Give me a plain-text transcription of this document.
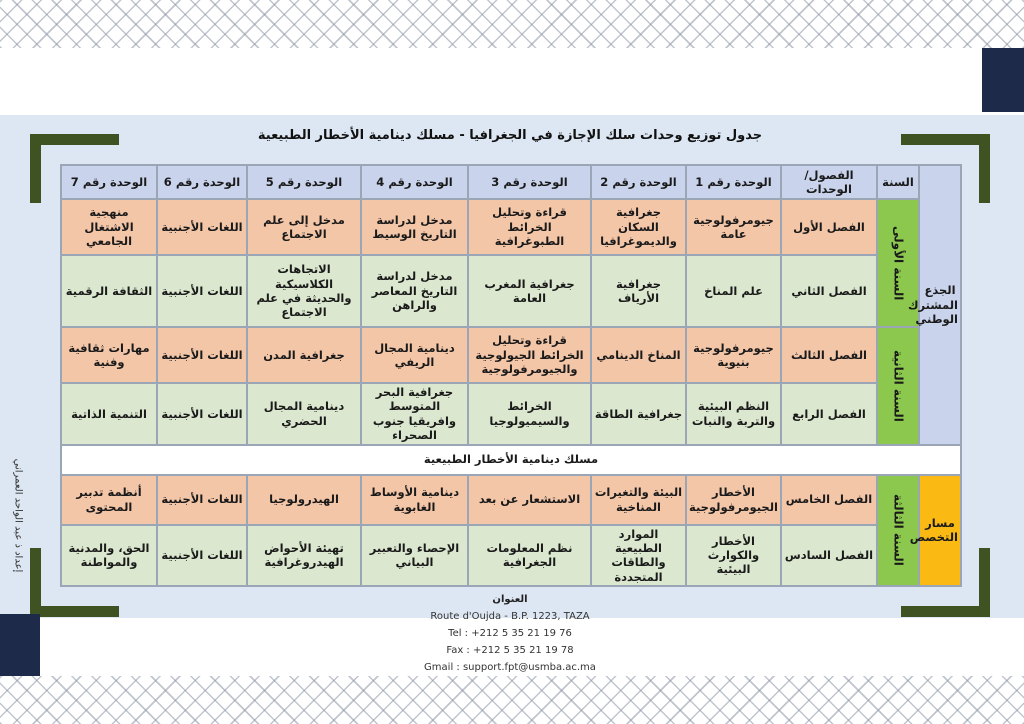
جدول توزيع وحدات سلك الإجازة في الجغرافيا - مسلك دينامية الأخطار الطبيعية
إعداد ذ عبد الواحد العمراني
الجذع المشترك الوطني	السنة	الفصول/الوحدات	الوحدة رقم 1	الوحدة رقم 2	الوحدة رقم 3	الوحدة رقم 4	الوحدة رقم 5	الوحدة رقم 6	الوحدة رقم 7

	السنة الأولى	الفصل الأول	جيومرفولوجية عامة	جغرافية السكان والديموغرافيا	قراءة وتحليل الخرائط الطبوغرافية	مدخل لدراسة التاريخ الوسيط	مدخل إلى علم الاجتماع	اللغات الأجنبية	منهجية الاشتغال الجامعي
		الفصل الثاني	علم المناخ	جغرافية الأرياف	جغرافية المغرب العامة	مدخل لدراسة التاريخ المعاصر والراهن	الاتجاهات الكلاسيكية والحديثة في علم الاجتماع	اللغات الأجنبية	الثقافة الرقمية

	السنة الثانية	الفصل الثالث	جيومرفولوجية بنيوية	المناخ الدينامي	قراءة وتحليل الخرائط الجيولوجية والجيومرفولوجية	دينامية المجال الريفي	جغرافية المدن	اللغات الأجنبية	مهارات ثقافية وفنية
		الفصل الرابع	النظم البيئية والتربة والنبات	جغرافية الطاقة	الخرائط والسيميولوجيا	جغرافية البحر المتوسط وافريقيا جنوب الصحراء	دينامية المجال الحضري	اللغات الأجنبية	التنمية الذاتية
مسلك دينامية الأخطار الطبيعية									

مسار التخصص	السنة الثالثة	الفصل الخامس	الأخطار الجيومرفولوجية	البيئة والتغيرات المناخية	الاستشعار عن بعد	دينامية الأوساط الغابوية	الهيدرولوجيا	اللغات الأجنبية	أنظمة تدبير المحتوى
		الفصل السادس	الأخطار والكوارث البيئية	الموارد الطبيعية والطاقات المتجددة	نظم المعلومات الجغرافية	الإحصاء والتعبير البياني	تهيئة الأحواض الهيدروغرافية	اللغات الأجنبية	الحق، والمدنية والمواطنة
العنوان
Route d'Oujda - B.P. 1223, TAZA
Tel : +212 5 35 21 19 76
Fax : +212 5 35 21 19 78
Gmail : support.fpt@usmba.ac.ma
